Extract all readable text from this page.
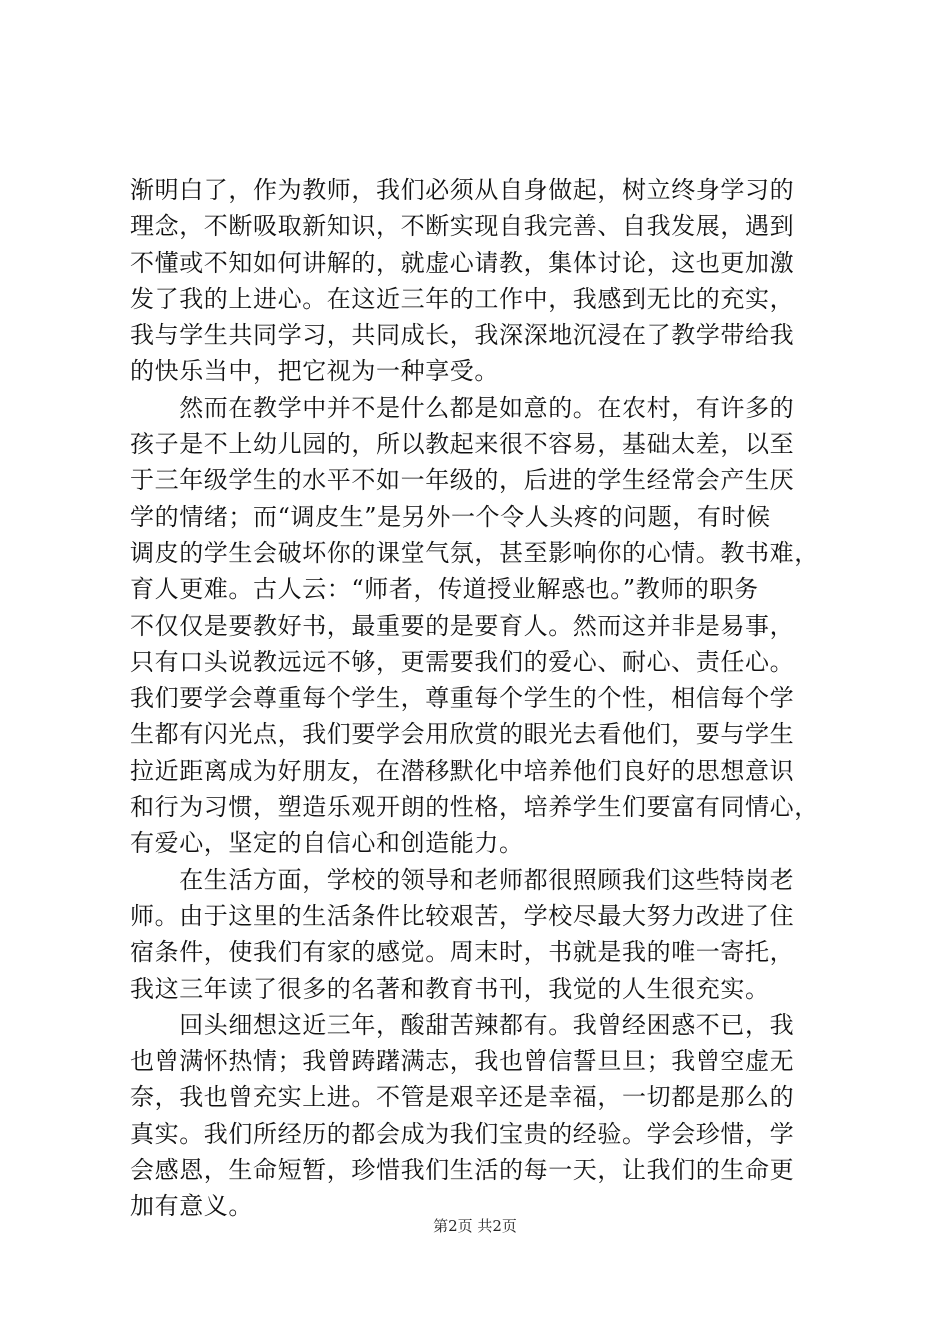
渐明白了，作为教师，我们必须从自身做起，树立终身学习的
理念，不断吸取新知识，不断实现自我完善、自我发展，遇到
不懂或不知如何讲解的，就虚心请教，集体讨论，这也更加激
发了我的上进心。在这近三年的工作中，我感到无比的充实，
我与学生共同学习，共同成长，我深深地沉浸在了教学带给我
的快乐当中，把它视为一种享受。
　　然而在教学中并不是什么都是如意的。在农村，有许多的
孩子是不上幼儿园的，所以教起来很不容易，基础太差，以至
于三年级学生的水平不如一年级的，后进的学生经常会产生厌
学的情绪；而“调皮生”是另外一个令人头疼的问题，有时候
调皮的学生会破坏你的课堂气氛，甚至影响你的心情。教书难，
育人更难。古人云：“师者，传道授业解惑也。”教师的职务
不仅仅是要教好书，最重要的是要育人。然而这并非是易事，
只有口头说教远远不够，更需要我们的爱心、耐心、责任心。
我们要学会尊重每个学生，尊重每个学生的个性，相信每个学
生都有闪光点，我们要学会用欣赏的眼光去看他们，要与学生
拉近距离成为好朋友，在潜移默化中培养他们良好的思想意识
和行为习惯，塑造乐观开朗的性格，培养学生们要富有同情心，
有爱心，坚定的自信心和创造能力。
　　在生活方面，学校的领导和老师都很照顾我们这些特岗老
师。由于这里的生活条件比较艰苦，学校尽最大努力改进了住
宿条件，使我们有家的感觉。周末时，书就是我的唯一寄托，
我这三年读了很多的名著和教育书刊，我觉的人生很充实。
　　回头细想这近三年，酸甜苦辣都有。我曾经困惑不已，我
也曾满怀热情；我曾踌躇满志，我也曾信誓旦旦；我曾空虚无
奈，我也曾充实上进。不管是艰辛还是幸福，一切都是那么的
真实。我们所经历的都会成为我们宝贵的经验。学会珍惜，学
会感恩，生命短暂，珍惜我们生活的每一天，让我们的生命更
加有意义。
第2页 共2页
